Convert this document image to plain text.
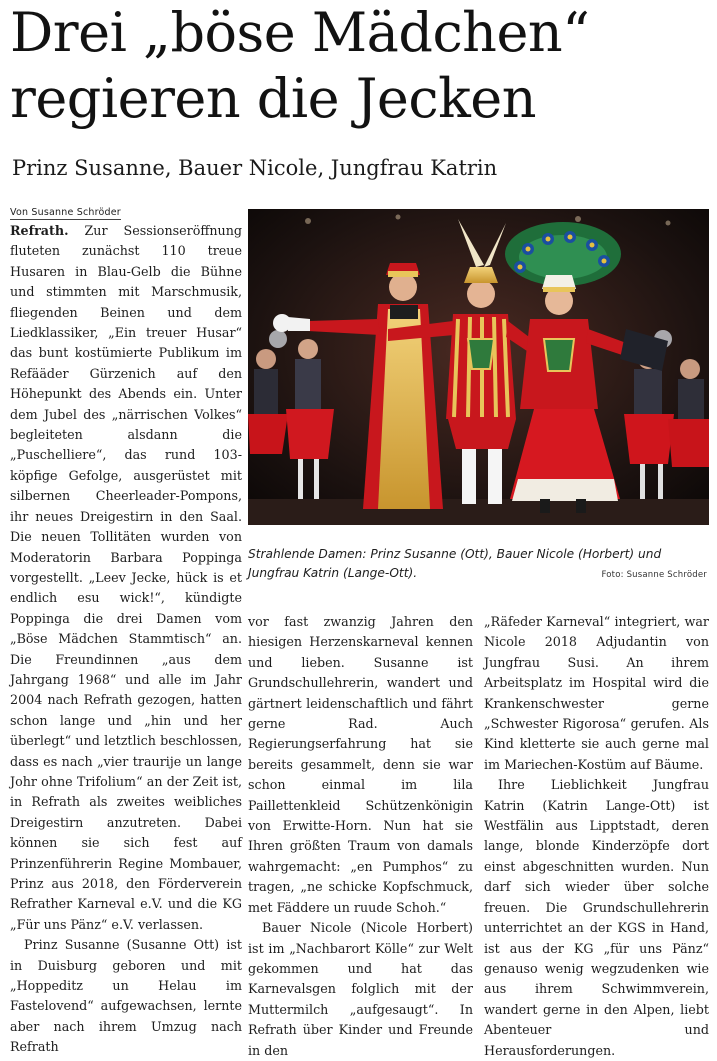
Drei „böse Mädchen“ regieren die Jecken
Prinz Susanne, Bauer Nicole, Jungfrau Katrin
Von Susanne Schröder

Refrath. Zur Sessionseröffnung fluteten zunächst 110 treue Husaren in Blau-Gelb die Bühne und stimmten mit Marschmusik, fliegenden Beinen und dem Liedklassiker, „Ein treuer Husar“ das bunt kostümierte Publikum im Refääder Gürzenich auf den Höhepunkt des Abends ein. Unter dem Jubel des „närrischen Volkes“ begleiteten alsdann die „Puschelliere“, das rund 103-köpfige Gefolge, ausgerüstet mit silbernen Cheerleader-Pompons, ihr neues Dreigestirn in den Saal. Die neuen Tollitäten wurden von Moderatorin Barbara Poppinga vorgestellt. „Leev Jecke, hück is et endlich esu wick!“, kündigte Poppinga die drei Damen vom „Böse Mädchen Stammtisch“ an. Die Freundinnen „aus dem Jahrgang 1968“ und alle im Jahr 2004 nach Refrath gezogen, hatten schon lange und „hin und her überlegt“ und letztlich beschlossen, dass es nach „vier traurije un lange Johr ohne Trifolium“ an der Zeit ist, in Refrath als zweites weibliches Dreigestirn anzutreten. Dabei können sie sich fest auf Prinzenführerin Regine Mombauer, Prinz aus 2018, den Förderverein Refrather Karneval e.V. und die KG „Für uns Pänz“ e.V. verlassen.

Prinz Susanne (Susanne Ott) ist in Duisburg geboren und mit „Hoppeditz un Helau im Fastelovend“ aufgewachsen, lernte aber nach ihrem Umzug nach Refrath

Strahlende Damen: Prinz Susanne (Ott), Bauer Nicole (Horbert) und Jungfrau Katrin (Lange-Ott).	Foto: Susanne Schröder

vor fast zwanzig Jahren den hiesigen Herzenskarneval kennen und lieben. Susanne ist Grundschullehrerin, wandert und gärtnert leidenschaftlich und fährt gerne Rad. Auch Regierungserfahrung hat sie bereits gesammelt, denn sie war schon einmal im lila Paillettenkleid Schützenkönigin von Erwitte-Horn. Nun hat sie Ihren größten Traum von damals wahrgemacht: „en Pumphos“ zu tragen, „ne schicke Kopfschmuck, met Fäddere un ruude Schoh.“

Bauer Nicole (Nicole Horbert) ist im „Nachbarort Kölle“ zur Welt gekommen und hat das Karnevalsgen folglich mit der Muttermilch „aufgesaugt“. In Refrath über Kinder und Freunde in den

„Räfeder Karneval“ integriert, war Nicole 2018 Adjudantin von Jungfrau Susi. An ihrem Arbeitsplatz im Hospital wird die Krankenschwester gerne „Schwester Rigorosa“ gerufen. Als Kind kletterte sie auch gerne mal im Mariechen-Kostüm auf Bäume.

Ihre Lieblichkeit Jungfrau Katrin (Katrin Lange-Ott) ist Westfälin aus Lipptstadt, deren lange, blonde Kinderzöpfe dort einst abgeschnitten wurden. Nun darf sich wieder über solche freuen. Die Grundschullehrerin unterrichtet an der KGS in Hand, ist aus der KG „für uns Pänz“ genauso wenig wegzudenken wie aus ihrem Schwimmverein, wandert gerne in den Alpen, liebt Abenteuer und Herausforderungen.
